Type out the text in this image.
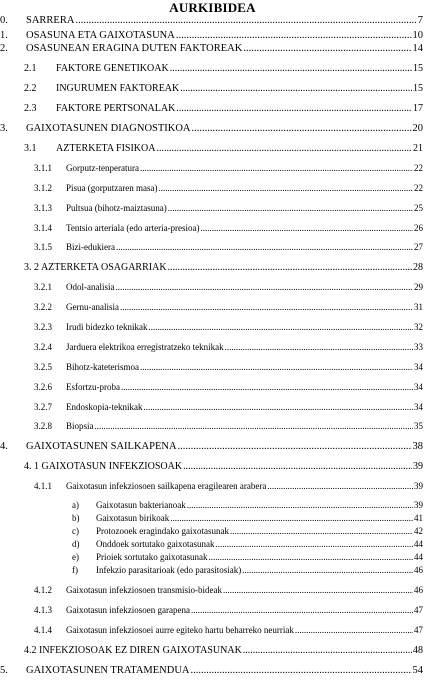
AURKIBIDEA
0. SARRERA .....	7
1. OSASUNA ETA GAIXOTASUNA .....	10
2. OSASUNEAN ERAGINA DUTEN FAKTOREAK .....	14
2.1 FAKTORE GENETIKOAK .....	15
2.2 INGURUMEN FAKTOREAK .....	15
2.3 FAKTORE PERTSONALAK .....	17
3. GAIXOTASUNEN DIAGNOSTIKOA .....	20
3.1 AZTERKETA FISIKOA .....	21
3.1.1 Gorputz-tenperatura .....	22
3.1.2 Pisua (gorputzaren masa) .....	22
3.1.3 Pultsua (bihotz-maiztasuna) .....	25
3.1.4 Tentsio arteriala (edo arteria-presioa) .....	26
3.1.5 Bizi-edukiera .....	27
3. 2 AZTERKETA OSAGARRIAK .....	28
3.2.1 Odol-analisia .....	29
3.2.2 Gernu-analisia .....	31
3.2.3 Irudi bidezko teknikak .....	32
3.2.4 Jarduera elektrikoa erregistratzeko teknikak .....	33
3.2.5 Bihotz-kateterismoa .....	34
3.2.6 Esfortzu-proba .....	34
3.2.7 Endoskopia-teknikak .....	34
3.2.8 Biopsia .....	35
4. GAIXOTASUNEN SAILKAPENA .....	38
4. 1 GAIXOTASUN INFEKZIOSOAK .....	39
4.1.1 Gaixotasun infekziosoen sailkapena eragilearen arabera .....	39
a) Gaixotasun bakterianoak .....	39
b) Gaixotasun birikoak .....	41
c) Protozooek eragindako gaixotasunak .....	42
d) Onddoek sortutako gaixotasunak .....	44
e) Prioiek sortutako gaixotasunak .....	44
f) Infekzio parasitarioak (edo parasitosiak) .....	46
4.1.2 Gaixotasun infekziosoen transmisio-bideak .....	46
4.1.3 Gaixotasun infekziosoen garapena .....	47
4.1.4 Gaixotasun infekziosoei aurre egiteko hartu beharreko neurriak .....	47
4.2 INFEKZIOSOAK EZ DIREN GAIXOTASUNAK .....	48
5. GAIXOTASUNEN TRATAMENDUA .....	54
